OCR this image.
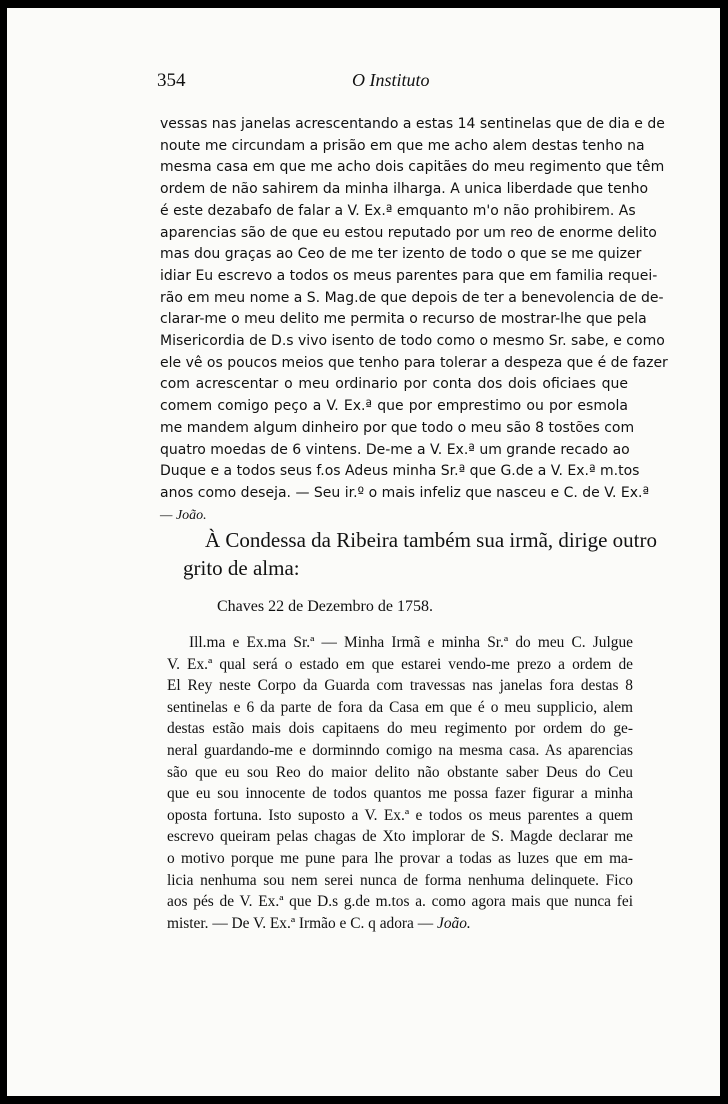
354	O Instituto
vessas nas janelas acrescentando a estas 14 sentinelas que de dia e de
noute me circundam a prisão em que me acho alem destas tenho na
mesma casa em que me acho dois capitães do meu regimento que têm
ordem de não sahirem da minha ilharga. A unica liberdade que tenho
é este dezabafo de falar a V. Ex.ª emquanto m'o não prohibirem. As
aparencias são de que eu estou reputado por um reo de enorme delito
mas dou graças ao Ceo de me ter izento de todo o que se me quizer
idiar Eu escrevo a todos os meus parentes para que em familia requei-
rão em meu nome a S. Mag.de que depois de ter a benevolencia de de-
clarar-me o meu delito me permita o recurso de mostrar-lhe que pela
Misericordia de D.s vivo isento de todo como o mesmo Sr. sabe, e como
ele vê os poucos meios que tenho para tolerar a despeza que é de fazer
com acrescentar o meu ordinario por conta dos dois oficiaes que
comem comigo peço a V. Ex.ª que por emprestimo ou por esmola
me mandem algum dinheiro por que todo o meu são 8 tostões com
quatro moedas de 6 vintens. De-me a V. Ex.ª um grande recado ao
Duque e a todos seus f.os Adeus minha Sr.ª que G.de a V. Ex.ª m.tos
anos como deseja. — Seu ir.º o mais infeliz que nasceu e C. de V. Ex.ª
— João.
À Condessa da Ribeira também sua irmã, dirige outro
grito de alma:
Chaves 22 de Dezembro de 1758.
Ill.ma e Ex.ma Sr.ª — Minha Irmã e minha Sr.ª do meu C. Julgue
V. Ex.ª qual será o estado em que estarei vendo-me prezo a ordem de
El Rey neste Corpo da Guarda com travessas nas janelas fora destas 8
sentinelas e 6 da parte de fora da Casa em que é o meu supplicio, alem
destas estão mais dois capitaens do meu regimento por ordem do ge-
neral guardando-me e dorminndo comigo na mesma casa. As aparencias
são que eu sou Reo do maior delito não obstante saber Deus do Ceu
que eu sou innocente de todos quantos me possa fazer figurar a minha
oposta fortuna. Isto suposto a V. Ex.ª e todos os meus parentes a quem
escrevo queiram pelas chagas de Xto implorar de S. Magde declarar me
o motivo porque me pune para lhe provar a todas as luzes que em ma-
licia nenhuma sou nem serei nunca de forma nenhuma delinquete. Fico
aos pés de V. Ex.ª que D.s g.de m.tos a. como agora mais que nunca fei
mister. — De V. Ex.ª Irmão e C. q adora — João.
